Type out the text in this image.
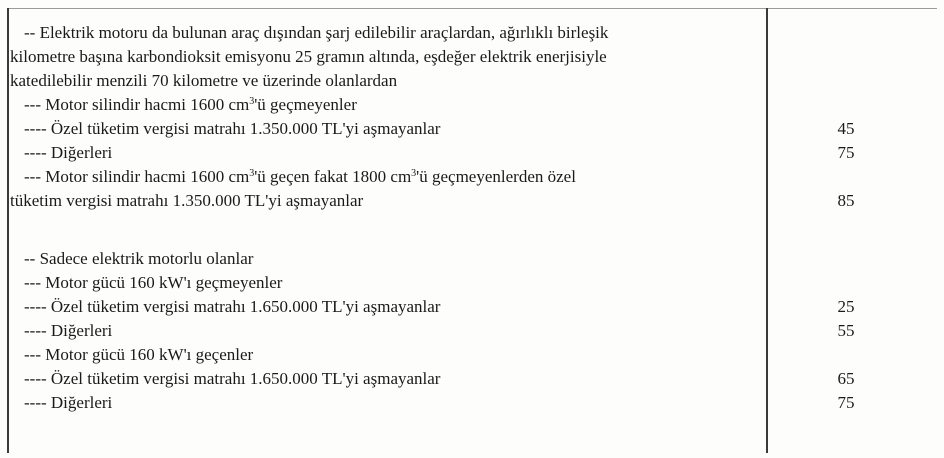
-- Elektrik motoru da bulunan araç dışından şarj edilebilir araçlardan, ağırlıklı birleşik
kilometre başına karbondioksit emisyonu 25 gramın altında, eşdeğer elektrik enerjisiyle
katedilebilir menzili 70 kilometre ve üzerinde olanlardan
--- Motor silindir hacmi 1600 $cm^3'ü$ geçmeyenler
---- Özel tüketim vergisi matrahı 1.350.000 TL'yi aşmayanlar	45
---- Diğerleri	75
--- Motor silindir hacmi 1600 $cm^3'ü$ geçen fakat 1800 $cm^3'ü$ geçmeyenlerden özel
tüketim vergisi matrahı 1.350.000 TL'yi aşmayanlar	85
-- Sadece elektrik motorlu olanlar
--- Motor gücü 160 kW'ı geçmeyenler
---- Özel tüketim vergisi matrahı 1.650.000 TL'yi aşmayanlar	25
---- Diğerleri	55
--- Motor gücü 160 kW'ı geçenler
---- Özel tüketim vergisi matrahı 1.650.000 TL'yi aşmayanlar	65
---- Diğerleri	75
